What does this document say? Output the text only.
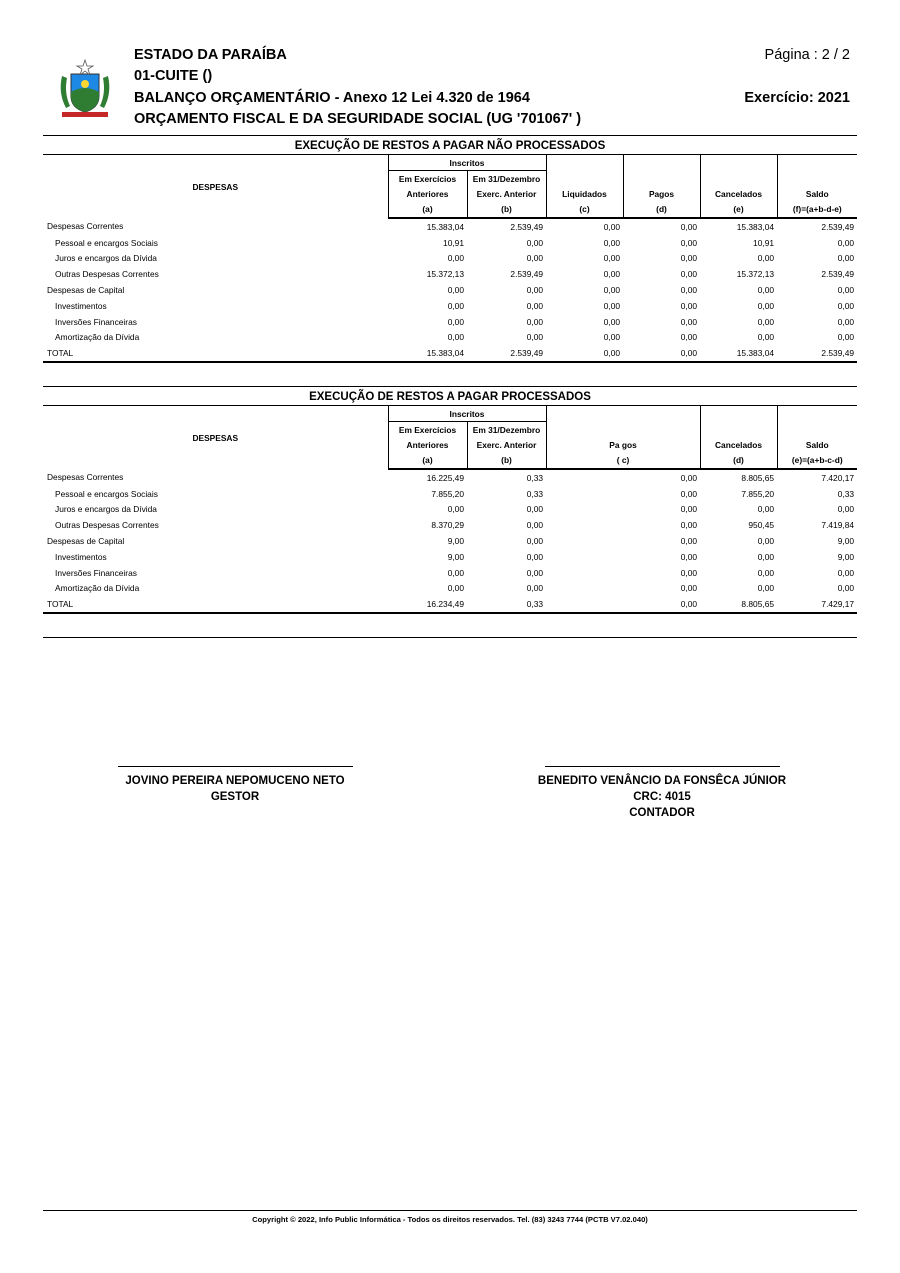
ESTADO DA PARAÍBA
01-CUITE ()
BALANÇO ORÇAMENTÁRIO - Anexo 12 Lei 4.320 de 1964
ORÇAMENTO FISCAL E DA SEGURIDADE SOCIAL (UG '701067' )
Página : 2 / 2
Exercício: 2021
EXECUÇÃO DE RESTOS A PAGAR NÃO PROCESSADOS
DESPESAS	Inscritos					
	Em Exercícios	Em 31/Dezembro				
	Anteriores	Exerc. Anterior	Liquidados	Pagos	Cancelados	Saldo
	(a)	(b)	(c)	(d)	(e)	(f)=(a+b-d-e)
Despesas Correntes	15.383,04	2.539,49	0,00	0,00	15.383,04	2.539,49
Pessoal e encargos Sociais	10,91	0,00	0,00	0,00	10,91	0,00
Juros e encargos da Dívida	0,00	0,00	0,00	0,00	0,00	0,00
Outras Despesas Correntes	15.372,13	2.539,49	0,00	0,00	15.372,13	2.539,49
Despesas de Capital	0,00	0,00	0,00	0,00	0,00	0,00
Investimentos	0,00	0,00	0,00	0,00	0,00	0,00
Inversões Financeiras	0,00	0,00	0,00	0,00	0,00	0,00
Amortização da Dívida	0,00	0,00	0,00	0,00	0,00	0,00
TOTAL	15.383,04	2.539,49	0,00	0,00	15.383,04	2.539,49
EXECUÇÃO DE RESTOS A PAGAR PROCESSADOS
DESPESAS	Inscritos				
	Em Exercícios	Em 31/Dezembro			
	Anteriores	Exerc. Anterior	Pa gos	Cancelados	Saldo
	(a)	(b)	( c)	(d)	(e)=(a+b-c-d)
Despesas Correntes	16.225,49	0,33	0,00	8.805,65	7.420,17
Pessoal e encargos Sociais	7.855,20	0,33	0,00	7.855,20	0,33
Juros e encargos da Dívida	0,00	0,00	0,00	0,00	0,00
Outras Despesas Correntes	8.370,29	0,00	0,00	950,45	7.419,84
Despesas de Capital	9,00	0,00	0,00	0,00	9,00
Investimentos	9,00	0,00	0,00	0,00	9,00
Inversões Financeiras	0,00	0,00	0,00	0,00	0,00
Amortização da Dívida	0,00	0,00	0,00	0,00	0,00
TOTAL	16.234,49	0,33	0,00	8.805,65	7.429,17
JOVINO PEREIRA NEPOMUCENO NETO
GESTOR
BENEDITO VENÂNCIO DA FONSÊCA JÚNIOR
CRC: 4015
CONTADOR
Copyright © 2022, Info Public Informática - Todos os direitos reservados. Tel. (83) 3243 7744 (PCTB V7.02.040)
